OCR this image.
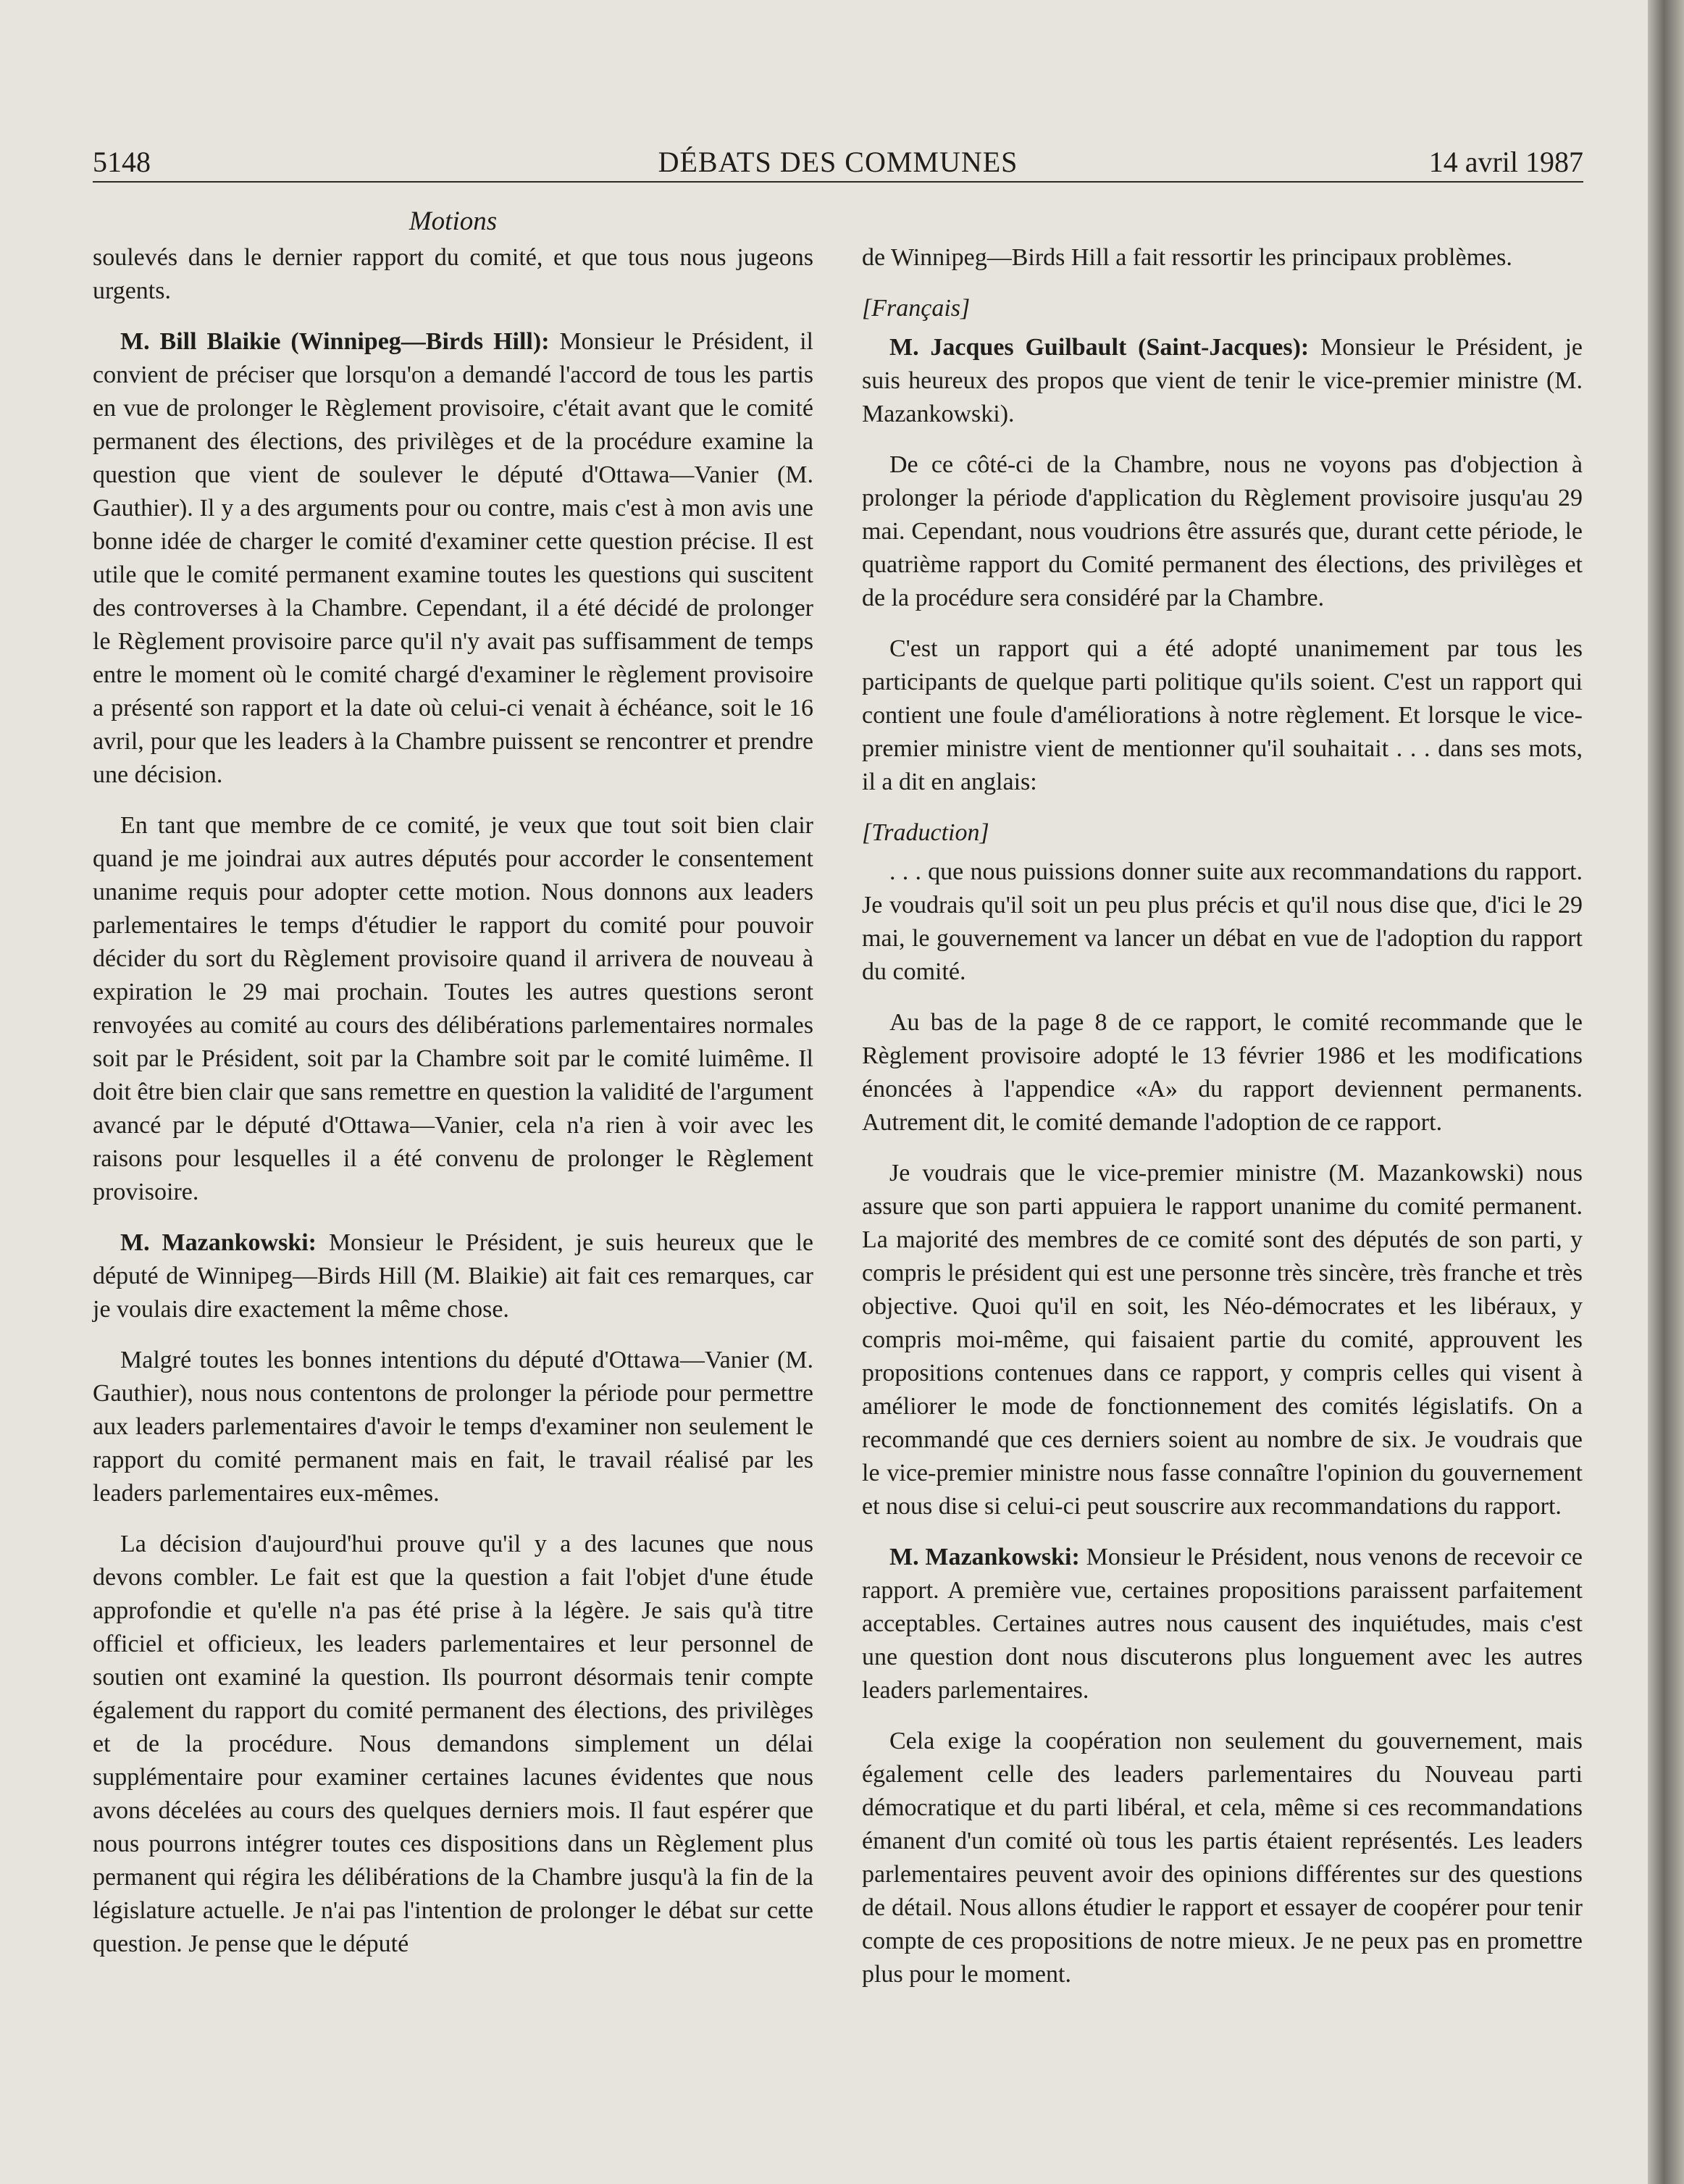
5148	DÉBATS DES COMMUNES	14 avril 1987
Motions

soulevés dans le dernier rapport du comité, et que tous nous jugeons urgents.

M. Bill Blaikie (Winnipeg—Birds Hill): Monsieur le Président, il convient de préciser que lorsqu'on a demandé l'accord de tous les partis en vue de prolonger le Règlement provisoire, c'était avant que le comité permanent des élections, des privilèges et de la procédure examine la question que vient de soulever le député d'Ottawa—Vanier (M. Gauthier). Il y a des arguments pour ou contre, mais c'est à mon avis une bonne idée de charger le comité d'examiner cette question précise. Il est utile que le comité permanent examine toutes les questions qui suscitent des controverses à la Chambre. Cependant, il a été décidé de prolonger le Règlement provisoire parce qu'il n'y avait pas suffisamment de temps entre le moment où le comité chargé d'examiner le règlement provisoire a présenté son rapport et la date où celui-ci venait à échéance, soit le 16 avril, pour que les leaders à la Chambre puissent se rencontrer et prendre une décision.

En tant que membre de ce comité, je veux que tout soit bien clair quand je me joindrai aux autres députés pour accorder le consentement unanime requis pour adopter cette motion. Nous donnons aux leaders parlementaires le temps d'étudier le rapport du comité pour pouvoir décider du sort du Règlement provisoire quand il arrivera de nouveau à expiration le 29 mai prochain. Toutes les autres questions seront renvoyées au comité au cours des délibérations parlementaires normales soit par le Président, soit par la Chambre soit par le comité luimême. Il doit être bien clair que sans remettre en question la validité de l'argument avancé par le député d'Ottawa—Vanier, cela n'a rien à voir avec les raisons pour lesquelles il a été convenu de prolonger le Règlement provisoire.

M. Mazankowski: Monsieur le Président, je suis heureux que le député de Winnipeg—Birds Hill (M. Blaikie) ait fait ces remarques, car je voulais dire exactement la même chose.

Malgré toutes les bonnes intentions du député d'Ottawa—Vanier (M. Gauthier), nous nous contentons de prolonger la période pour permettre aux leaders parlementaires d'avoir le temps d'examiner non seulement le rapport du comité permanent mais en fait, le travail réalisé par les leaders parlementaires eux-mêmes.

La décision d'aujourd'hui prouve qu'il y a des lacunes que nous devons combler. Le fait est que la question a fait l'objet d'une étude approfondie et qu'elle n'a pas été prise à la légère. Je sais qu'à titre officiel et officieux, les leaders parlementaires et leur personnel de soutien ont examiné la question. Ils pourront désormais tenir compte également du rapport du comité permanent des élections, des privilèges et de la procédure. Nous demandons simplement un délai supplémentaire pour examiner certaines lacunes évidentes que nous avons décelées au cours des quelques derniers mois. Il faut espérer que nous pourrons intégrer toutes ces dispositions dans un Règlement plus permanent qui régira les délibérations de la Chambre jusqu'à la fin de la législature actuelle. Je n'ai pas l'intention de prolonger le débat sur cette question. Je pense que le député

de Winnipeg—Birds Hill a fait ressortir les principaux problèmes.

[Français]

M. Jacques Guilbault (Saint-Jacques): Monsieur le Président, je suis heureux des propos que vient de tenir le vice-premier ministre (M. Mazankowski).

De ce côté-ci de la Chambre, nous ne voyons pas d'objection à prolonger la période d'application du Règlement provisoire jusqu'au 29 mai. Cependant, nous voudrions être assurés que, durant cette période, le quatrième rapport du Comité permanent des élections, des privilèges et de la procédure sera considéré par la Chambre.

C'est un rapport qui a été adopté unanimement par tous les participants de quelque parti politique qu'ils soient. C'est un rapport qui contient une foule d'améliorations à notre règlement. Et lorsque le vice-premier ministre vient de mentionner qu'il souhaitait . . . dans ses mots, il a dit en anglais:

[Traduction]

. . . que nous puissions donner suite aux recommandations du rapport. Je voudrais qu'il soit un peu plus précis et qu'il nous dise que, d'ici le 29 mai, le gouvernement va lancer un débat en vue de l'adoption du rapport du comité.

Au bas de la page 8 de ce rapport, le comité recommande que le Règlement provisoire adopté le 13 février 1986 et les modifications énoncées à l'appendice «A» du rapport deviennent permanents. Autrement dit, le comité demande l'adoption de ce rapport.

Je voudrais que le vice-premier ministre (M. Mazankowski) nous assure que son parti appuiera le rapport unanime du comité permanent. La majorité des membres de ce comité sont des députés de son parti, y compris le président qui est une personne très sincère, très franche et très objective. Quoi qu'il en soit, les Néo-démocrates et les libéraux, y compris moi-même, qui faisaient partie du comité, approuvent les propositions contenues dans ce rapport, y compris celles qui visent à améliorer le mode de fonctionnement des comités législatifs. On a recommandé que ces derniers soient au nombre de six. Je voudrais que le vice-premier ministre nous fasse connaître l'opinion du gouvernement et nous dise si celui-ci peut souscrire aux recommandations du rapport.

M. Mazankowski: Monsieur le Président, nous venons de recevoir ce rapport. A première vue, certaines propositions paraissent parfaitement acceptables. Certaines autres nous causent des inquiétudes, mais c'est une question dont nous discuterons plus longuement avec les autres leaders parlementaires.

Cela exige la coopération non seulement du gouvernement, mais également celle des leaders parlementaires du Nouveau parti démocratique et du parti libéral, et cela, même si ces recommandations émanent d'un comité où tous les partis étaient représentés. Les leaders parlementaires peuvent avoir des opinions différentes sur des questions de détail. Nous allons étudier le rapport et essayer de coopérer pour tenir compte de ces propositions de notre mieux. Je ne peux pas en promettre plus pour le moment.
